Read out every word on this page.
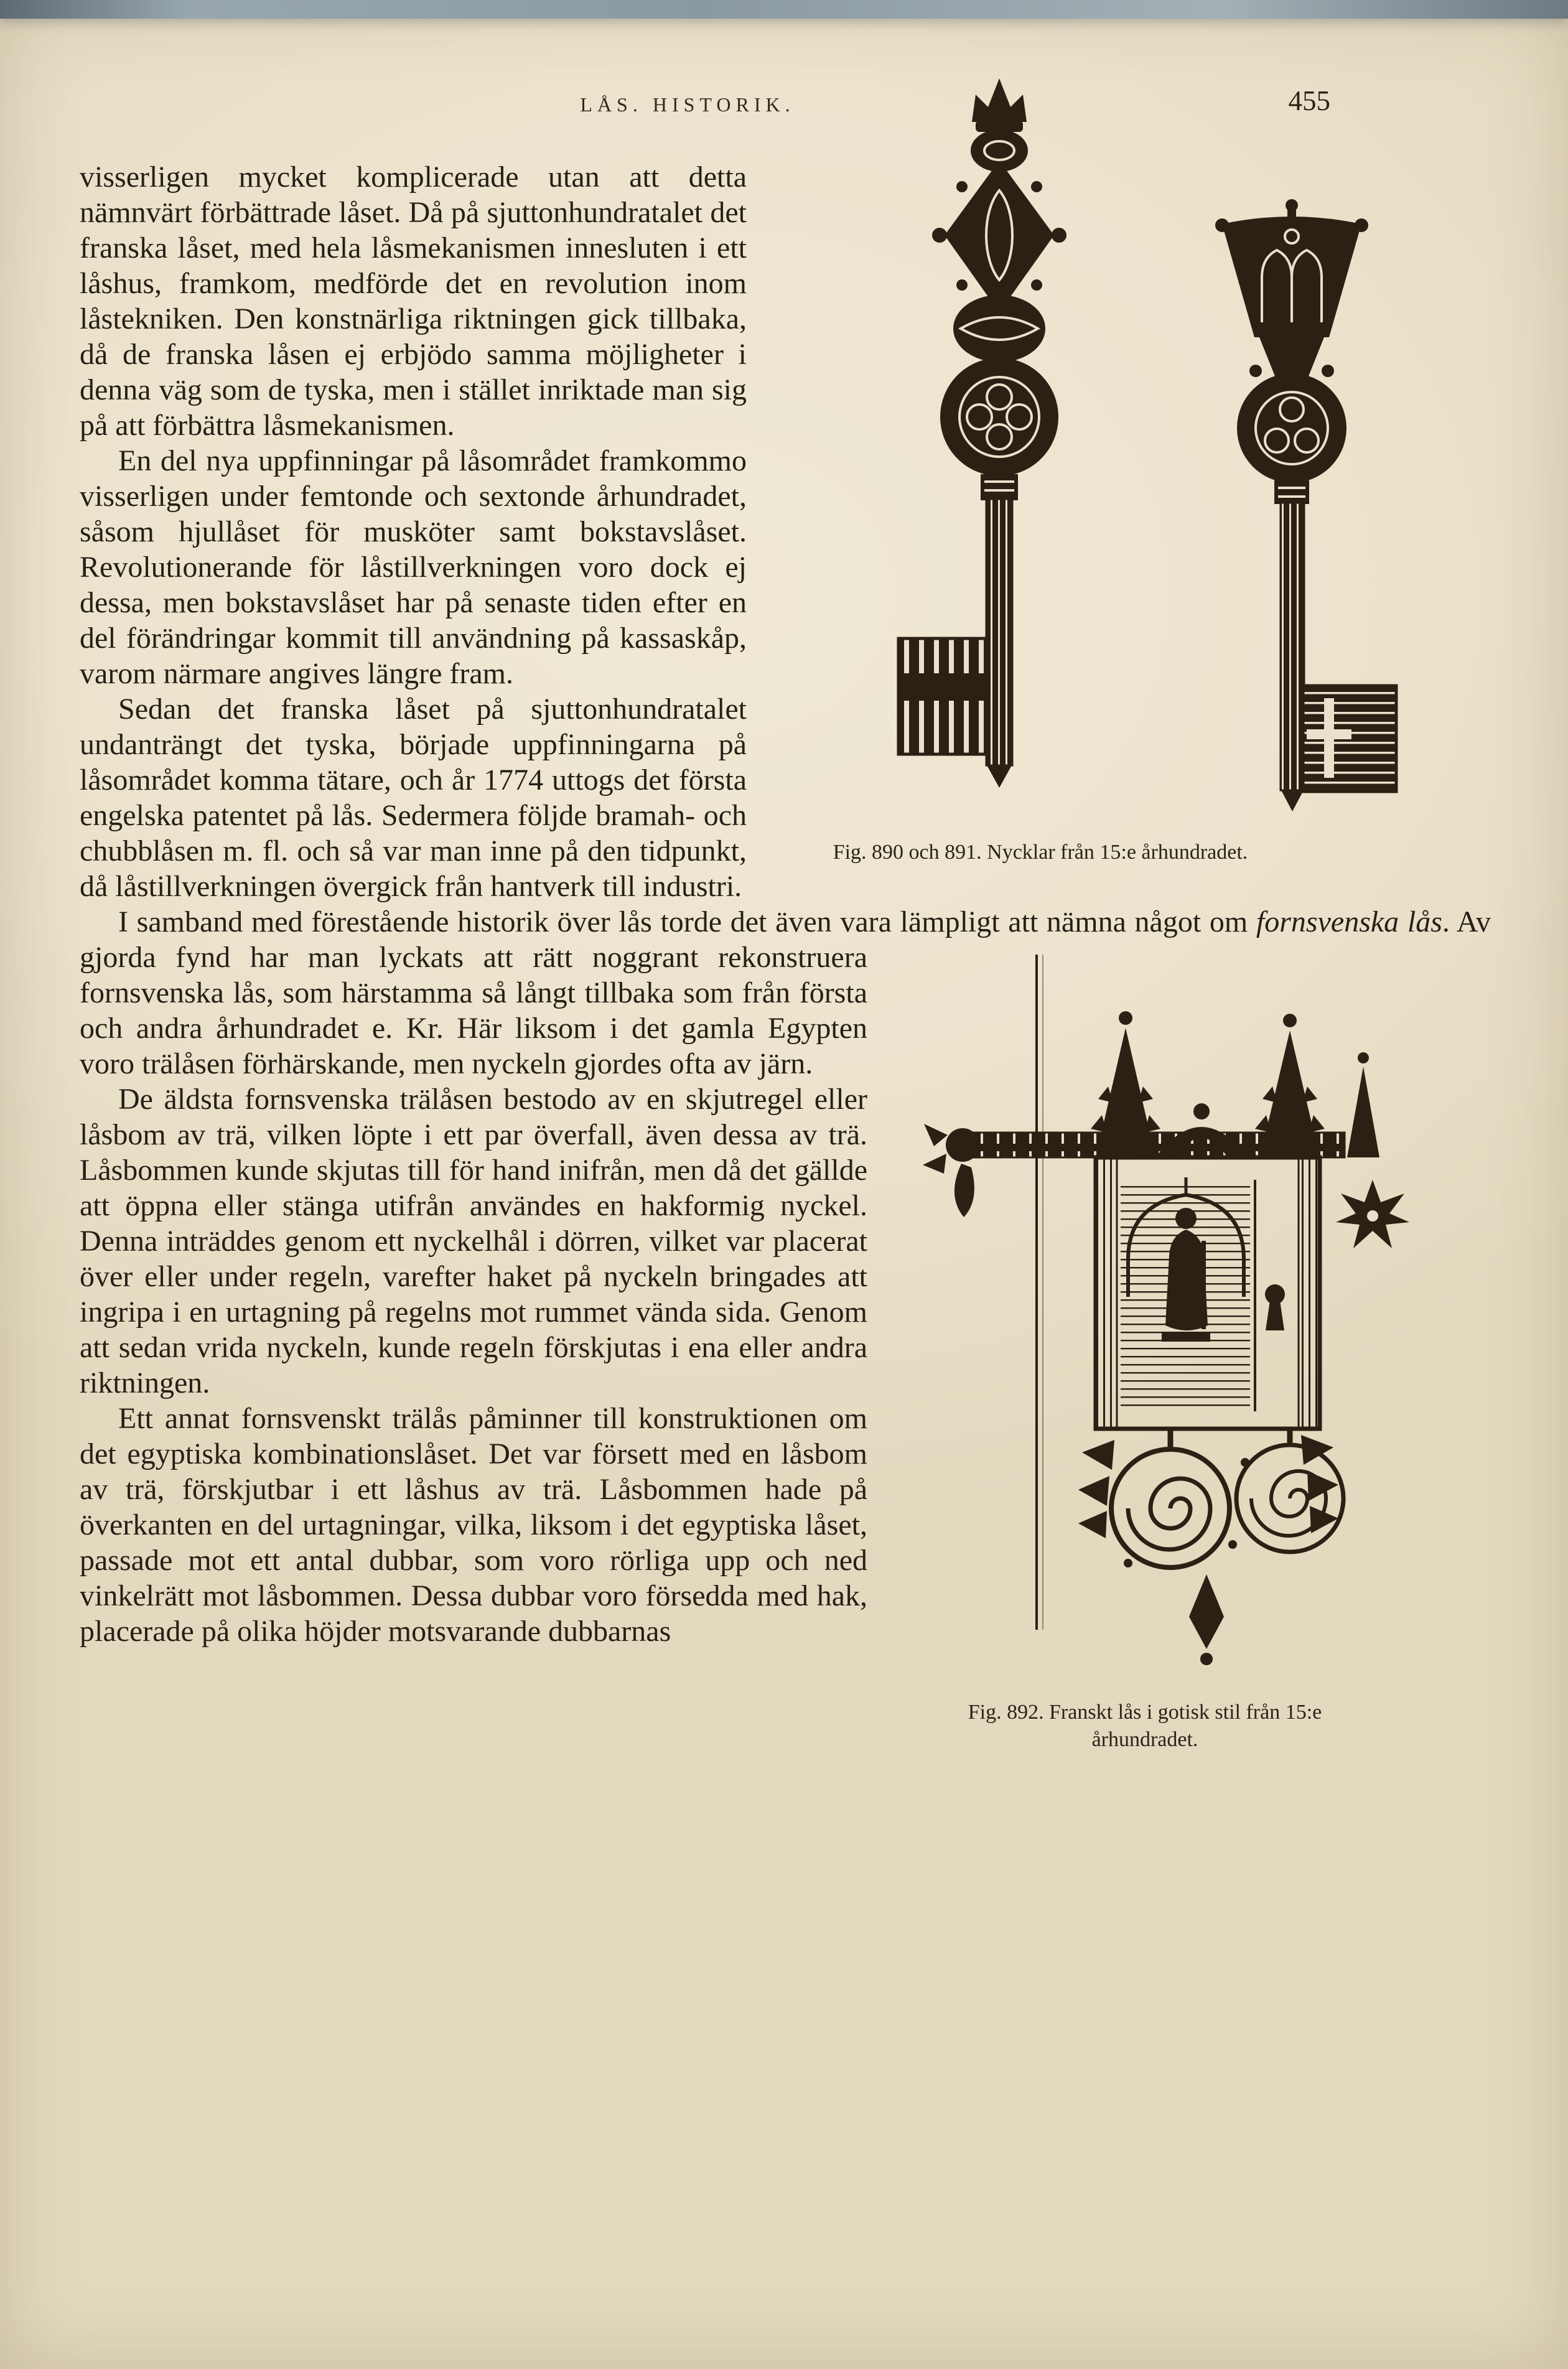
LÅS. HISTORIK.	455
Fig. 890 och 891. Nycklar från 15:e århundradet.

visserligen mycket komplicerade utan att detta nämnvärt förbättrade låset. Då på sjuttonhundratalet det franska låset, med hela låsmekanismen innesluten i ett låshus, framkom, medförde det en revolution inom låstekniken. Den konstnärliga riktningen gick tillbaka, då de franska låsen ej erbjödo samma möjligheter i denna väg som de tyska, men i stället inriktade man sig på att förbättra låsmekanismen.

En del nya uppfinningar på låsområdet framkommo visserligen under femtonde och sextonde århundradet, såsom hjullåset för musköter samt bokstavslåset. Revolutionerande för låstillverkningen voro dock ej dessa, men bokstavslåset har på senaste tiden efter en del förändringar kommit till användning på kassaskåp, varom närmare angives längre fram.

Sedan det franska låset på sjuttonhundratalet undanträngt det tyska, började uppfinningarna på låsområdet komma tätare, och år 1774 uttogs det första engelska patentet på lås. Sedermera följde bramah- och chubblåsen m. fl. och så var man inne på den tidpunkt, då låstillverkningen övergick från hantverk till industri.

I samband med förestående historik över lås torde det även vara lämpligt att nämna något om fornsvenska lås. Av gjorda fynd har man lyckats att rätt noggrant rekonstruera
Fig. 892. Franskt lås i gotisk stil från 15:e århundradet.
fornsvenska lås, som härstamma så långt tillbaka som från första och andra århundradet e. Kr. Här liksom i det gamla Egypten voro trälåsen förhärskande, men nyckeln gjordes ofta av järn.

De äldsta fornsvenska trälåsen bestodo av en skjutregel eller låsbom av trä, vilken löpte i ett par överfall, även dessa av trä. Låsbommen kunde skjutas till för hand inifrån, men då det gällde att öppna eller stänga utifrån användes en hakformig nyckel. Denna inträddes genom ett nyckelhål i dörren, vilket var placerat över eller under regeln, varefter haket på nyckeln bringades att ingripa i en urtagning på regelns mot rummet vända sida. Genom att sedan vrida nyckeln, kunde regeln förskjutas i ena eller andra riktningen.

Ett annat fornsvenskt trälås påminner till konstruktionen om det egyptiska kombinationslåset. Det var försett med en låsbom av trä, förskjutbar i ett låshus av trä. Låsbommen hade på överkanten en del urtagningar, vilka, liksom i det egyptiska låset, passade mot ett antal dubbar, som voro rörliga upp och ned vinkelrätt mot låsbommen. Dessa dubbar voro försedda med hak, placerade på olika höjder motsvarande dubbarnas
